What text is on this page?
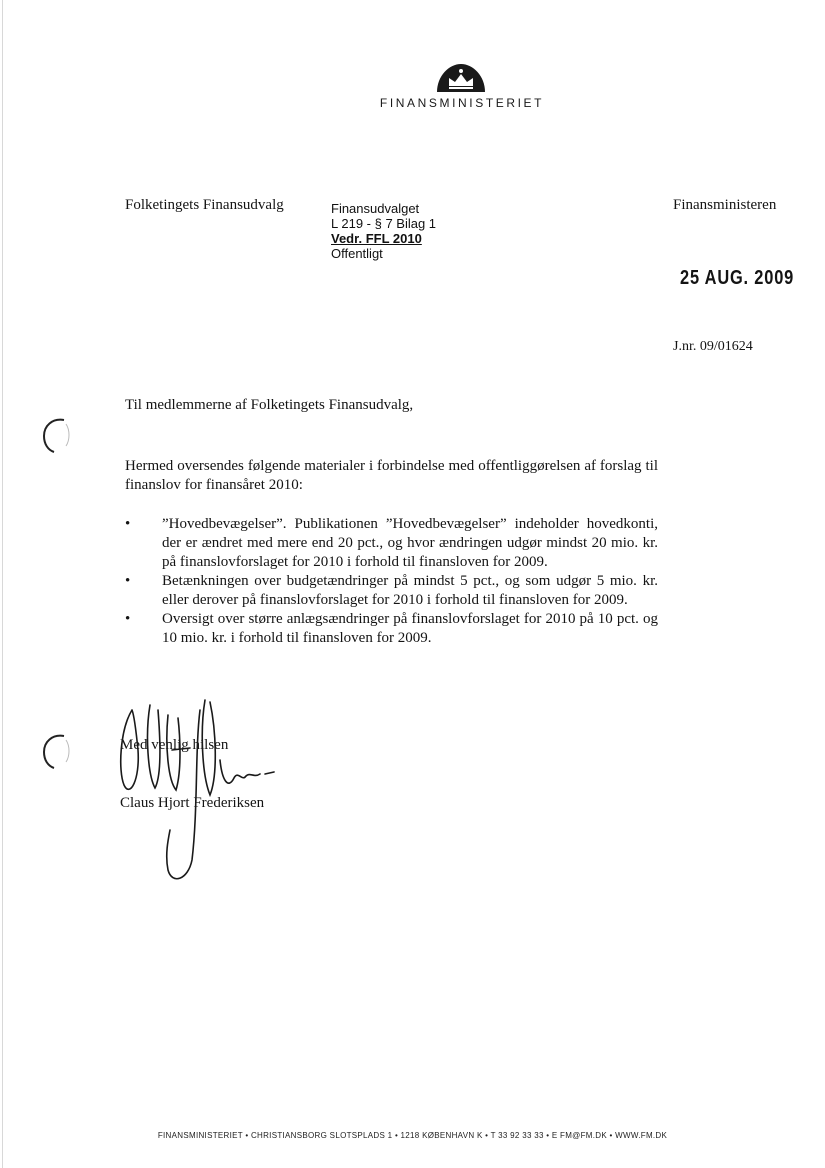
FINANSMINISTERIET
Folketingets Finansudvalg	Finansudvalget
L 219 - § 7 Bilag 1
Vedr. FFL 2010
Offentligt
Finansministeren
25 AUG. 2009
J.nr. 09/01624
Til medlemmerne af Folketingets Finansudvalg,
Hermed oversendes følgende materialer i forbindelse med offentliggørelsen af forslag til finanslov for finansåret 2010:
• ”Hovedbevægelser”. Publikationen ”Hovedbevægelser” indeholder hovedkonti, der er ændret med mere end 20 pct., og hvor ændringen udgør mindst 20 mio. kr. på finanslovforslaget for 2010 i forhold til finansloven for 2009.
• Betænkningen over budgetændringer på mindst 5 pct., og som udgør 5 mio. kr. eller derover på finanslovforslaget for 2010 i forhold til finansloven for 2009.
• Oversigt over større anlægsændringer på finanslovforslaget for 2010 på 10 pct. og 10 mio. kr. i forhold til finansloven for 2009.
Med venlig hilsen
Claus Hjort Frederiksen
FINANSMINISTERIET • CHRISTIANSBORG SLOTSPLADS 1 • 1218 KØBENHAVN K • T 33 92 33 33 • E FM@FM.DK • WWW.FM.DK
